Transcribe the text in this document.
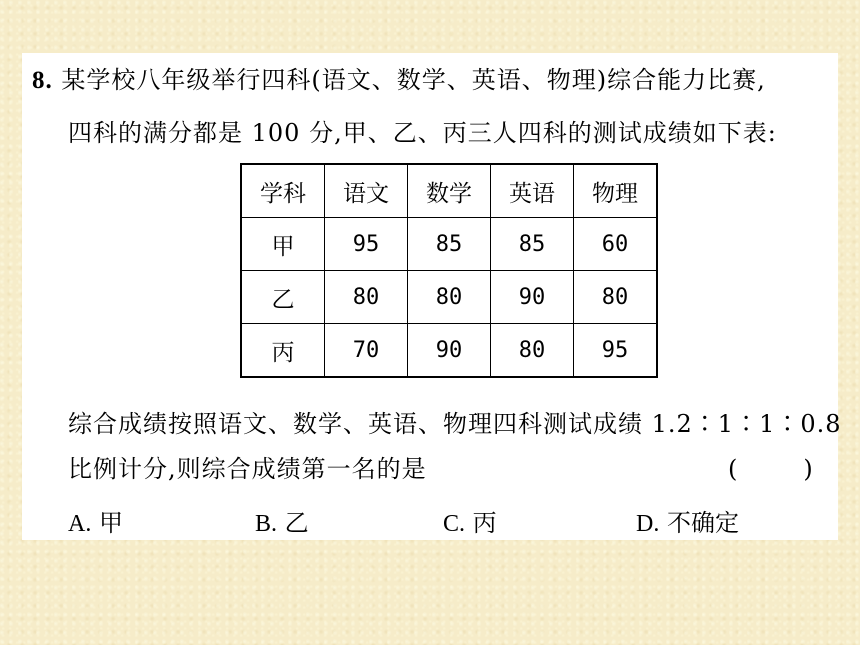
8. 某学校八年级举行四科(语文、数学、英语、物理)综合能力比赛,
四科的满分都是 100 分,甲、乙、丙三人四科的测试成绩如下表:
学科	语文	数学	英语	物理
甲	95	85	85	60
乙	80	80	90	80
丙	70	90	80	95
综合成绩按照语文、数学、英语、物理四科测试成绩 1.2∶1∶1∶0.8
比例计分,则综合成绩第一名的是	(	)
A. 甲	B. 乙	C. 丙	D. 不确定
